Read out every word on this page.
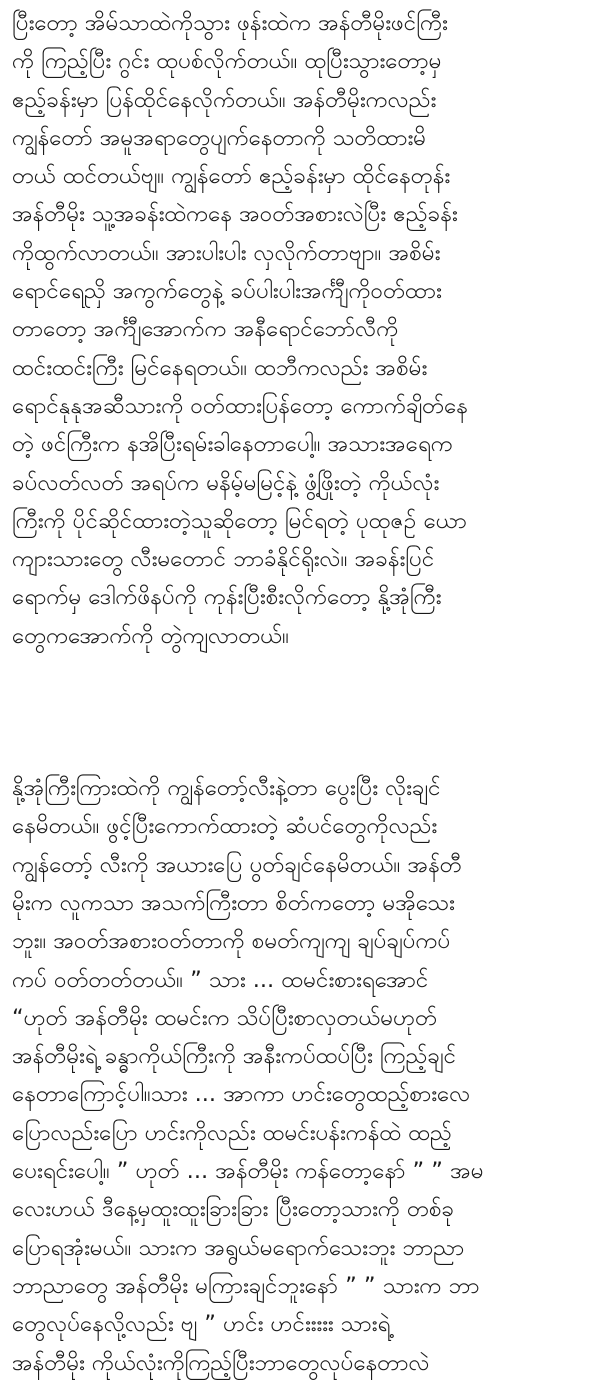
ပြီးတော့ အိမ်သာထဲကိုသွား ဖုန်းထဲက အန်တီမိုးဖင်ကြီး
ကို ကြည့်ပြီး ဂွင်း ထုပစ်လိုက်တယ်။ ထုပြီးသွားတော့မှ
ဧည့်ခန်းမှာ ပြန်ထိုင်နေလိုက်တယ်။ အန်တီမိုးကလည်း
ကျွန်တော် အမူအရာတွေပျက်နေတာကို သတိထားမိ
တယ် ထင်တယ်ဗျ။ ကျွန်တော် ဧည့်ခန်းမှာ ထိုင်နေတုန်း
အန်တီမိုး သူ့အခန်းထဲကနေ အဝတ်အစားလဲပြီး ဧည့်ခန်း
ကိုထွက်လာတယ်။ အားပါးပါး လှလိုက်တာဗျာ။ အစိမ်း
ရောင်ရေညှိ အကွက်တွေနဲ့ ခပ်ပါးပါးအင်္ကျီကိုဝတ်ထား
တာတော့ အင်္ကျီအောက်က အနီရောင်ဘော်လီကို
ထင်းထင်းကြီး မြင်နေရတယ်။ ထဘီကလည်း အစိမ်း
ရောင်နုနုအဆီသားကို ဝတ်ထားပြန်တော့ ကောက်ချိတ်နေ
တဲ့ ဖင်ကြီးက နအိပြီးရမ်းခါနေတာပေါ့။ အသားအရေက
ခပ်လတ်လတ် အရပ်က မနိမ့်မမြင့်နဲ့ ဖွံ့ဖြိုးတဲ့ ကိုယ်လုံး
ကြီးကို ပိုင်ဆိုင်ထားတဲ့သူဆိုတော့ မြင်ရတဲ့ ပုထုဇဉ် ယော
ကျားသားတွေ လီးမတောင် ဘာခံနိုင်ရိုးလဲ။ အခန်းပြင်
ရောက်မှ ဒေါက်ဖိနပ်ကို ကုန်းပြီးစီးလိုက်တော့ နို့အုံကြီး
တွေကအောက်ကို တွဲကျလာတယ်။

နို့အုံကြီးကြားထဲကို ကျွန်တော့်လီးနဲ့တာ ပွေးပြီး လိုးချင်
နေမိတယ်။ ဖွင့်ပြီးကောက်ထားတဲ့ ဆံပင်တွေကိုလည်း
ကျွန်တော့် လီးကို အယားပြေ ပွတ်ချင်နေမိတယ်။ အန်တီ
မိုးက လူကသာ အသက်ကြီးတာ စိတ်ကတော့ မအိုသေး
ဘူး။ အဝတ်အစားဝတ်တာကို စမတ်ကျကျ ချပ်ချပ်ကပ်
ကပ် ဝတ်တတ်တယ်။ ” သား ... ထမင်းစားရအောင်
“ဟုတ် အန်တီမိုး ထမင်းက သိပ်ပြီးစာလှတယ်မဟုတ်
အန်တီမိုးရဲ့ ခန္ဓာကိုယ်ကြီးကို အနီးကပ်ထပ်ပြီး ကြည့်ချင်
နေတာကြောင့်ပါ။သား ... အာကာ ဟင်းတွေထည့်စားလေ
ပြောလည်းပြော ဟင်းကိုလည်း ထမင်းပန်းကန်ထဲ ထည့်
ပေးရင်းပေါ့။ ” ဟုတ် ... အန်တီမိုး ကန်တော့နော် ” ” အမ
လေးဟယ် ဒီနေ့မှထူးထူးခြားခြား ပြီးတော့သားကို တစ်ခု
ပြောရအုံးမယ်။ သားက အရွယ်မရောက်သေးဘူး ဘာညာ
ဘာညာတွေ အန်တီမိုး မကြားချင်ဘူးနော် ” ” သားက ဘာ
တွေလုပ်နေလို့လည်း ဗျ ” ဟင်း ဟင်းးးးး သားရဲ့
အန်တီမိုး ကိုယ်လုံးကိုကြည့်ပြီးဘာတွေလုပ်နေတာလဲ
